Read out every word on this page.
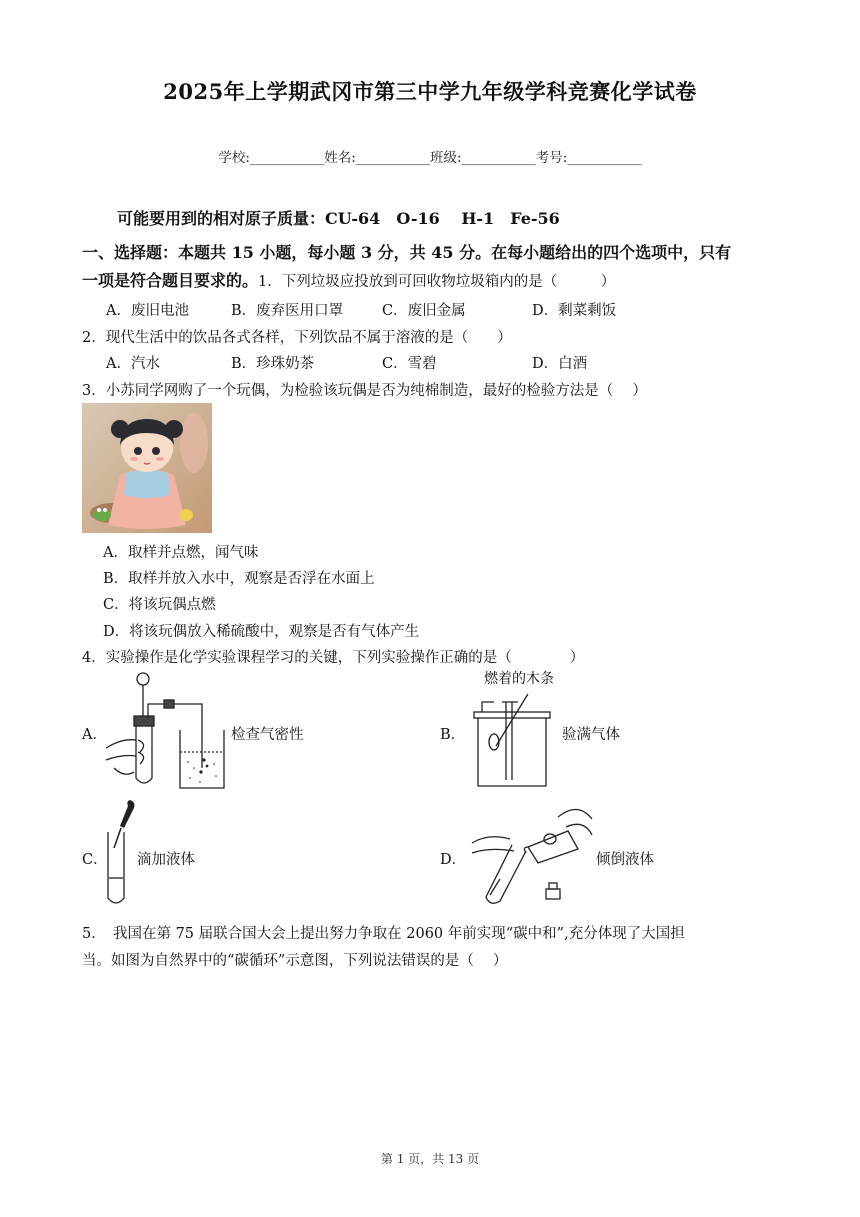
2025年上学期武冈市第三中学九年级学科竞赛化学试卷
学校:___________姓名:___________班级:___________考号:___________
可能要用到的相对原子质量：CU-64　O-16　 H-1　Fe-56
一、选择题：本题共 15 小题，每小题 3 分，共 45 分。在每小题给出的四个选项中，只有
一项是符合题目要求的。1．下列垃圾应投放到可回收物垃圾箱内的是（　　　）
A．废旧电池	B．废弃医用口罩	C．废旧金属	D．剩菜剩饭
2．现代生活中的饮品各式各样，下列饮品不属于溶液的是（　　）
A．汽水	B．珍珠奶茶	C．雪碧	D．白酒
3．小苏同学网购了一个玩偶，为检验该玩偶是否为纯棉制造，最好的检验方法是（　 ）
A．取样并点燃，闻气味
B．取样并放入水中，观察是否浮在水面上
C．将该玩偶点燃
D．将该玩偶放入稀硫酸中，观察是否有气体产生
4．实验操作是化学实验课程学习的关键，下列实验操作正确的是（　　　　）
A．	检查气密性	B．
燃着的木条
验满气体
C． 滴加液体	D．	倾倒液体
5．　我国在第 75 届联合国大会上提出努力争取在 2060 年前实现“碳中和”,充分体现了大国担
当。如图为自然界中的“碳循环”示意图，下列说法错误的是（　 ）
第 1 页，共 13 页
